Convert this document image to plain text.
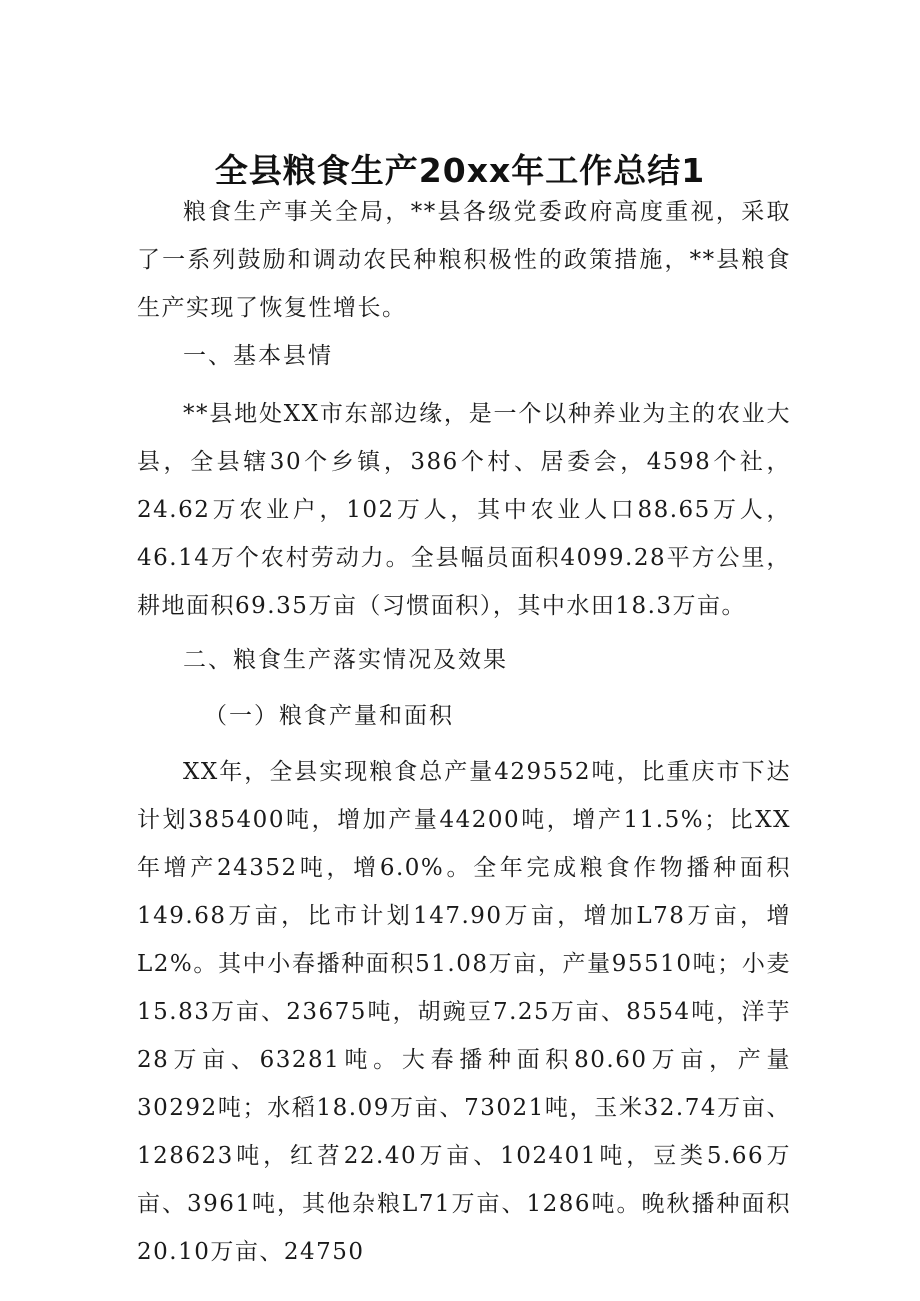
全县粮食生产20xx年工作总结1

粮食生产事关全局，**县各级党委政府高度重视，采取了一系列鼓励和调动农民种粮积极性的政策措施，**县粮食生产实现了恢复性增长。

一、基本县情

**县地处XX市东部边缘，是一个以种养业为主的农业大县，全县辖30个乡镇，386个村、居委会，4598个社，24.62万农业户，102万人，其中农业人口88.65万人，46.14万个农村劳动力。全县幅员面积4099.28平方公里，耕地面积69.35万亩（习惯面积），其中水田18.3万亩。

二、粮食生产落实情况及效果

（一）粮食产量和面积

XX年，全县实现粮食总产量429552吨，比重庆市下达计划385400吨，增加产量44200吨，增产11.5%；比XX年增产24352吨，增6.0%。全年完成粮食作物播种面积149.68万亩，比市计划147.90万亩，增加L78万亩，增L2%。其中小春播种面积51.08万亩，产量95510吨；小麦15.83万亩、23675吨，胡豌豆7.25万亩、8554吨，洋芋28万亩、63281吨。大春播种面积80.60万亩，产量30292吨；水稻18.09万亩、73021吨，玉米32.74万亩、128623吨，红苕22.40万亩、102401吨，豆类5.66万亩、3961吨，其他杂粮L71万亩、1286吨。晚秋播种面积20.10万亩、24750
